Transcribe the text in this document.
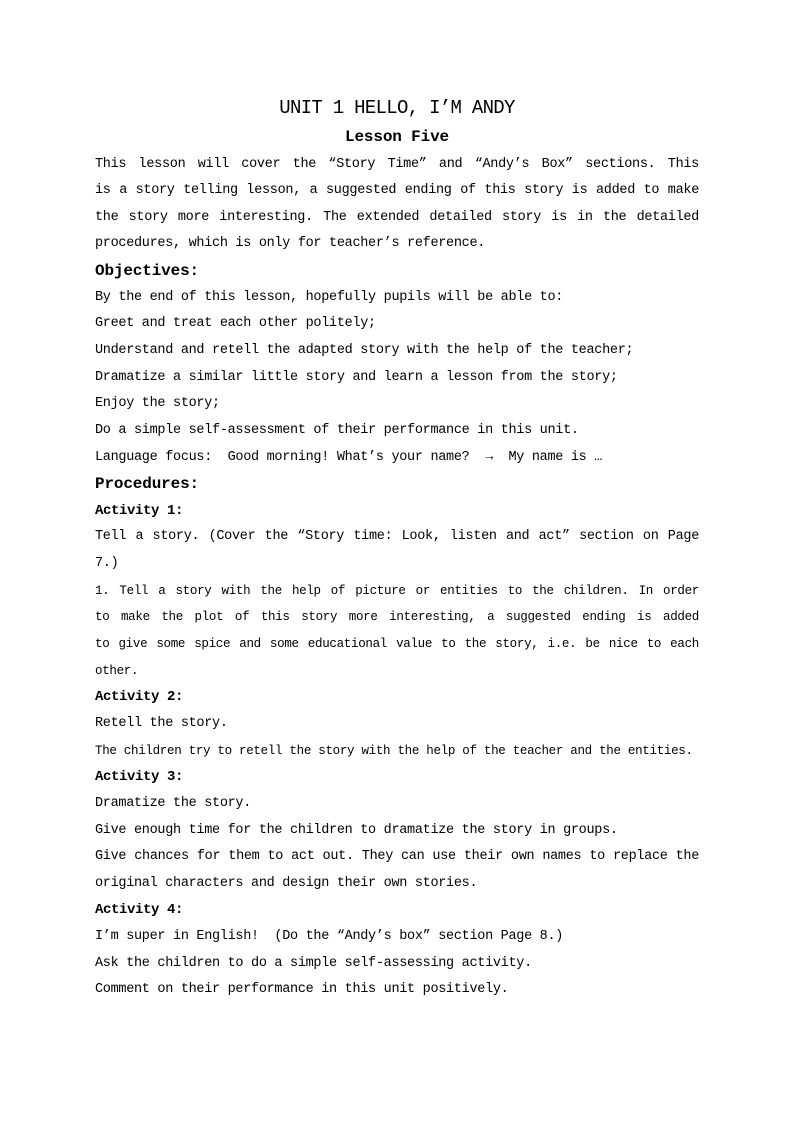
UNIT 1 HELLO, I’M ANDY
Lesson Five
This lesson will cover the “Story Time” and “Andy’s Box” sections. This
is a story telling lesson, a suggested ending of this story is added to make
the story more interesting. The extended detailed story is in the detailed
procedures, which is only for teacher’s reference.
Objectives:
By the end of this lesson, hopefully pupils will be able to:
Greet and treat each other politely;
Understand and retell the adapted story with the help of the teacher;
Dramatize a similar little story and learn a lesson from the story;
Enjoy the story;
Do a simple self-assessment of their performance in this unit.
Language focus:  Good morning! What’s your name?  →  My name is …
Procedures:
Activity 1:
Tell a story. (Cover the “Story time: Look, listen and act” section on Page
7.)
1. Tell a story with the help of picture or entities to the children. In order
to make the plot of this story more interesting, a suggested ending is added
to give some spice and some educational value to the story, i.e. be nice to each
other.
Activity 2:
Retell the story.
The children try to retell the story with the help of the teacher and the entities.
Activity 3:
Dramatize the story.
Give enough time for the children to dramatize the story in groups.
Give chances for them to act out. They can use their own names to replace the
original characters and design their own stories.
Activity 4:
I’m super in English!  (Do the “Andy’s box” section Page 8.)
Ask the children to do a simple self-assessing activity.
Comment on their performance in this unit positively.
